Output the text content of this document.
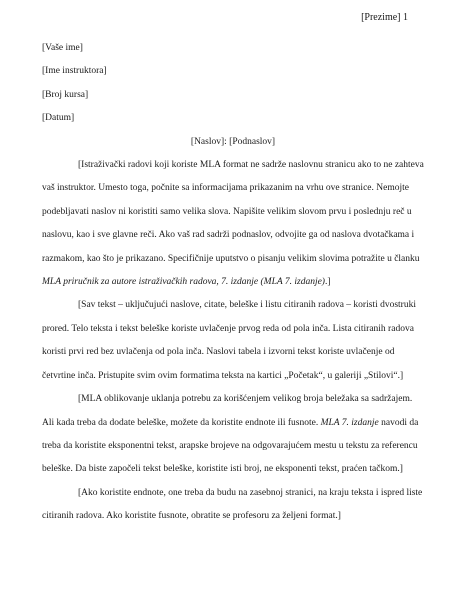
[Prezime] 1

[Vaše ime]

[Ime instruktora]

[Broj kursa]

[Datum]

[Naslov]: [Podnaslov]

[Istraživački radovi koji koriste MLA format ne sadrže naslovnu stranicu ako to ne zahteva vaš instruktor. Umesto toga, počnite sa informacijama prikazanim na vrhu ove stranice. Nemojte podebljavati naslov ni koristiti samo velika slova. Napišite velikim slovom prvu i poslednju reč u naslovu, kao i sve glavne reči. Ako vaš rad sadrži podnaslov, odvojite ga od naslova dvotačkama i razmakom, kao što je prikazano. Specifičnije uputstvo o pisanju velikim slovima potražite u članku MLA priručnik za autore istraživačkih radova, 7. izdanje (MLA 7. izdanje).]

[Sav tekst – uključujući naslove, citate, beleške i listu citiranih radova – koristi dvostruki prored. Telo teksta i tekst beleške koriste uvlačenje prvog reda od pola inča. Lista citiranih radova koristi prvi red bez uvlačenja od pola inča. Naslovi tabela i izvorni tekst koriste uvlačenje od četvrtine inča. Pristupite svim ovim formatima teksta na kartici „Početak“, u galeriji „Stilovi“.]

[MLA oblikovanje uklanja potrebu za korišćenjem velikog broja beležaka sa sadržajem. Ali kada treba da dodate beleške, možete da koristite endnote ili fusnote. MLA 7. izdanje navodi da treba da koristite eksponentni tekst, arapske brojeve na odgovarajućem mestu u tekstu za referencu beleške. Da biste započeli tekst beleške, koristite isti broj, ne eksponenti tekst, praćen tačkom.]

[Ako koristite endnote, one treba da budu na zasebnoj stranici, na kraju teksta i ispred liste citiranih radova. Ako koristite fusnote, obratite se profesoru za željeni format.]
